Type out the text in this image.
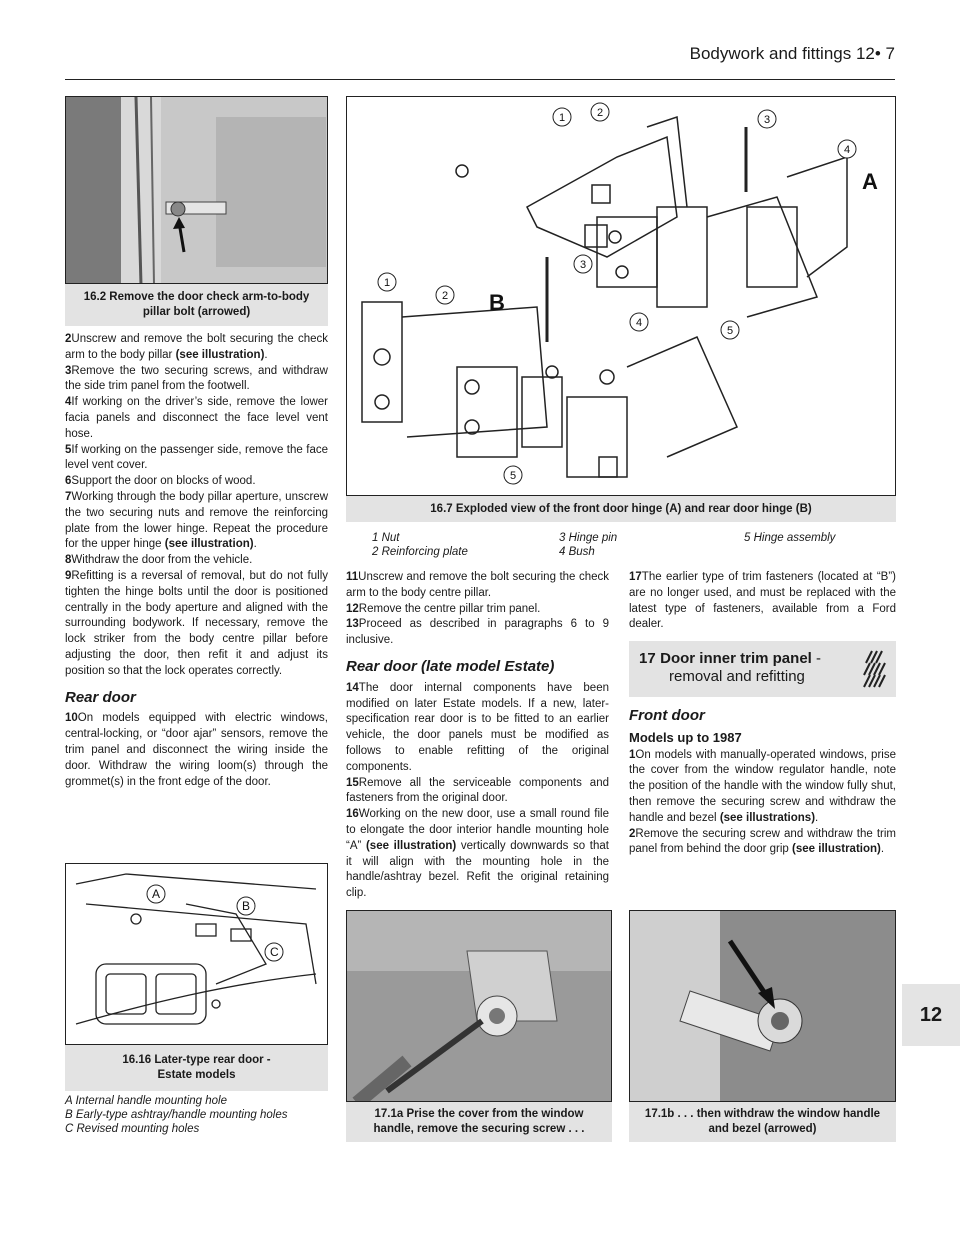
Bodywork and fittings 12• 7
12
16.2 Remove the door check arm-to-body
pillar bolt (arrowed)
1	2
3
4
5
1
2
3
4
5
A
B
16.7 Exploded view of the front door hinge (A) and rear door hinge (B)
1 Nut
2 Reinforcing plate
3 Hinge pin
4 Bush
5 Hinge assembly

2Unscrew and remove the bolt securing the check arm to the body pillar (see illustration).

3Remove the two securing screws, and withdraw the side trim panel from the footwell.

4If working on the driver’s side, remove the lower facia panels and disconnect the face level vent hose.

5If working on the passenger side, remove the face level vent cover.

6Support the door on blocks of wood.

7Working through the body pillar aperture, unscrew the two securing nuts and remove the reinforcing plate from the lower hinge. Repeat the procedure for the upper hinge (see illustration).

8Withdraw the door from the vehicle.

9Refitting is a reversal of removal, but do not fully tighten the hinge bolts until the door is positioned centrally in the body aperture and aligned with the surrounding bodywork. If necessary, remove the lock striker from the body centre pillar before adjusting the door, then refit it and adjust its position so that the lock operates correctly.

Rear door

10On models equipped with electric windows, central-locking, or “door ajar” sensors, remove the trim panel and disconnect the wiring inside the door. Withdraw the wiring loom(s) through the grommet(s) in the front edge of the door.

11Unscrew and remove the bolt securing the check arm to the body centre pillar.

12Remove the centre pillar trim panel.

13Proceed as described in paragraphs 6 to 9 inclusive.

Rear door (late model Estate)

14The door internal components have been modified on later Estate models. If a new, later-specification rear door is to be fitted to an earlier vehicle, the door panels must be modified as follows to enable refitting of the original components.

15Remove all the serviceable components and fasteners from the original door.

16Working on the new door, use a small round file to elongate the door interior handle mounting hole “A” (see illustration) vertically downwards so that it will align with the mounting hole in the handle/ashtray bezel. Refit the original retaining clip.

17The earlier type of trim fasteners (located at “B”) are no longer used, and must be replaced with the latest type of fasteners, available from a Ford dealer.

17 Door inner trim panel -
removal and refitting
Front door
Models up to 1987

1On models with manually-operated windows, prise the cover from the window regulator handle, note the position of the handle with the window fully shut, then remove the securing screw and withdraw the handle and bezel (see illustrations).

2Remove the securing screw and withdraw the trim panel from behind the door grip (see illustration).

A
B
C
16.16 Later-type rear door -
Estate models
A Internal handle mounting hole
B Early-type ashtray/handle mounting holes
C Revised mounting holes
17.1a Prise the cover from the window
handle, remove the securing screw . . .
17.1b . . . then withdraw the window handle
and bezel (arrowed)
